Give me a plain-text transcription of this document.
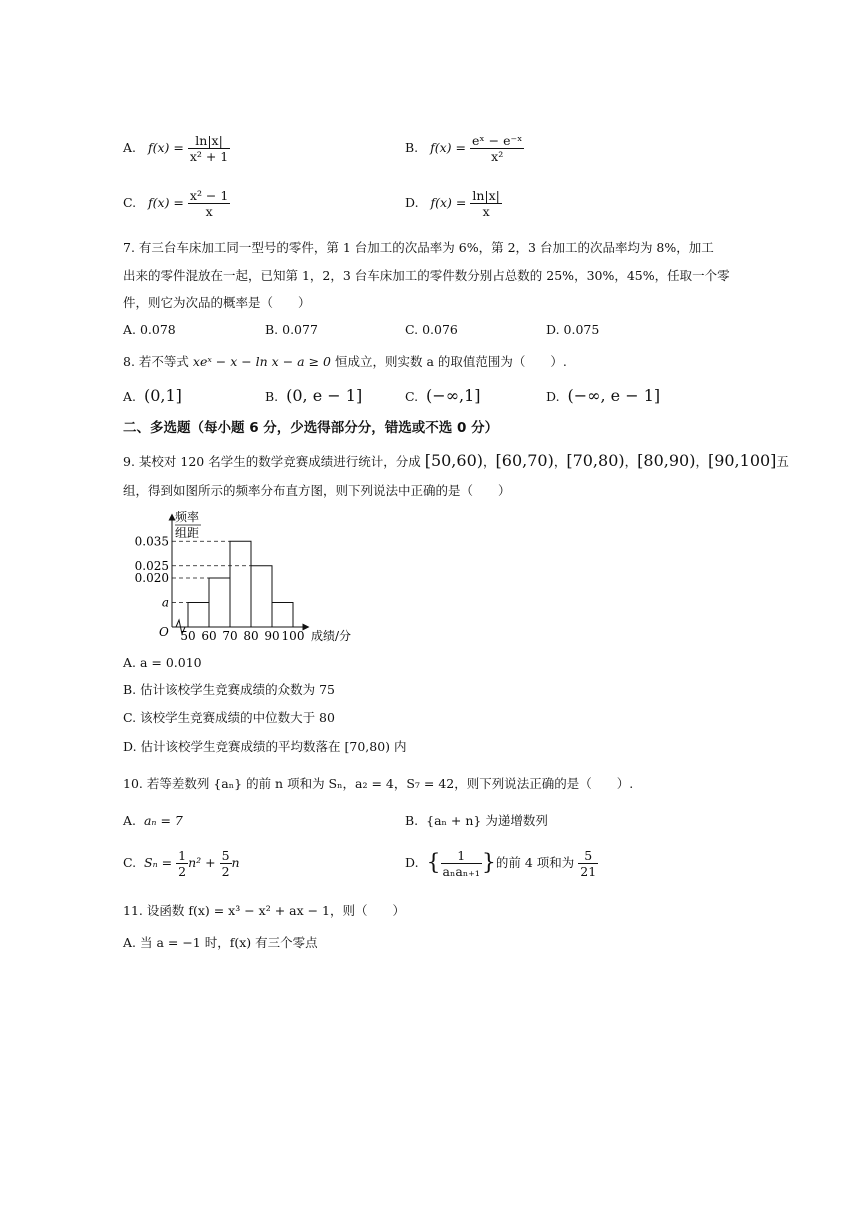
A. $f(x) = \frac{\ln|x|}{\text{x² + 1}}$	B. $f(x) = \frac{\text{eˣ − e⁻ˣ}}{\text{x²}}$
C. $f(x) = \frac{\text{x² − 1}}{x}$	D. $f(x) = \frac{\ln|x|}{x}$
7. 有三台车床加工同一型号的零件，第 1 台加工的次品率为 6%，第 2，3 台加工的次品率均为 8%，加工
出来的零件混放在一起，已知第 1，2，3 台车床加工的零件数分别占总数的 25%，30%，45%，任取一个零
件，则它为次品的概率是（　　）
A. 0.078	B. 0.077	C. 0.076	D. 0.075
8. 若不等式 xeˣ − x − ln x − a ≥ 0 恒成立，则实数 a 的取值范围为（　　）.
A. (0,1]	B. (0, e − 1]	C. (−∞,1]	D. (−∞, e − 1]
二、多选题（每小题 6 分，少选得部分分，错选或不选 0 分）
9. 某校对 120 名学生的数学竞赛成绩进行统计，分成 [50,60)，[60,70)，[70,80)，[80,90)，[90,100]五
组，得到如图所示的频率分布直方图，则下列说法中正确的是（　　）
O
频率
组距
成绩/分
0.035
0.025
0.020
a
50 60 70 80 90 100
A. a = 0.010
B. 估计该校学生竞赛成绩的众数为 75
C. 该校学生竞赛成绩的中位数大于 80
D. 估计该校学生竞赛成绩的平均数落在 [70,80) 内
10. 若等差数列 {aₙ} 的前 n 项和为 Sₙ，a₂ = 4，S₇ = 42，则下列说法正确的是（　　）.
A. aₙ = 7	B. {aₙ + n} 为递增数列
C. $S_n = \frac{1}{2} n^2 + \frac{5}{2}$ n	D. { $\frac{1}{\text{aₙaₙ₊₁}}$ }的前 4 项和为 $\frac{5}{21}$
11. 设函数 f(x) = x³ − x² + ax − 1，则（　　）
A. 当 a = −1 时，f(x) 有三个零点
